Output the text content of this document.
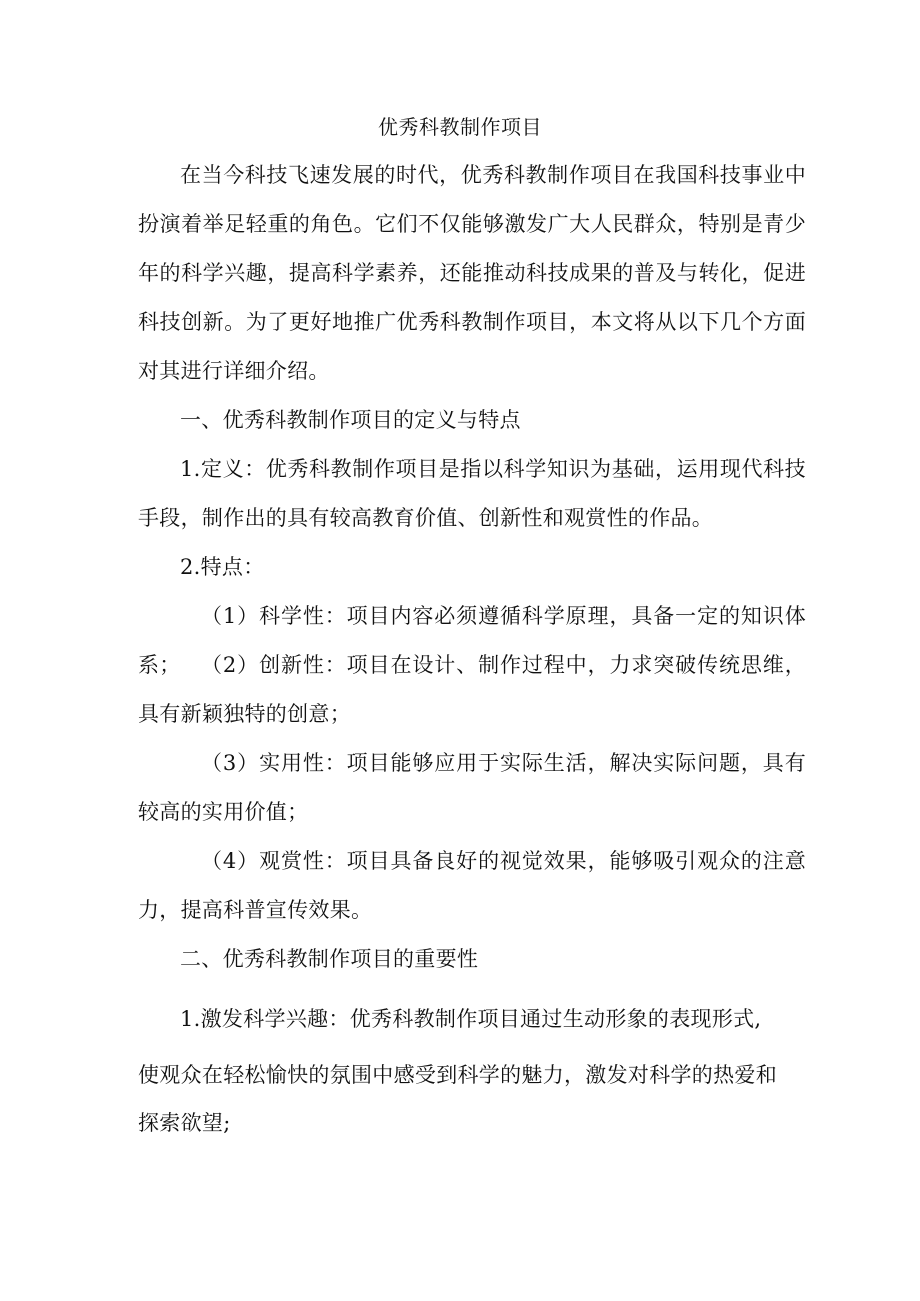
优秀科教制作项目

在当今科技飞速发展的时代，优秀科教制作项目在我国科技事业中扮演着举足轻重的角色。它们不仅能够激发广大人民群众，特别是青少年的科学兴趣，提高科学素养，还能推动科技成果的普及与转化，促进科技创新。为了更好地推广优秀科教制作项目，本文将从以下几个方面对其进行详细介绍。

一、优秀科教制作项目的定义与特点

1.定义：优秀科教制作项目是指以科学知识为基础，运用现代科技手段，制作出的具有较高教育价值、创新性和观赏性的作品。

2.特点：

（1）科学性：项目内容必须遵循科学原理，具备一定的知识体系； （2）创新性：项目在设计、制作过程中，力求突破传统思维，具有新颖独特的创意；

（3）实用性：项目能够应用于实际生活，解决实际问题，具有较高的实用价值；

（4）观赏性：项目具备良好的视觉效果，能够吸引观众的注意力，提高科普宣传效果。

二、优秀科教制作项目的重要性

1.激发科学兴趣：优秀科教制作项目通过生动形象的表现形式,

使观众在轻松愉快的氛围中感受到科学的魅力，激发对科学的热爱和

探索欲望;
